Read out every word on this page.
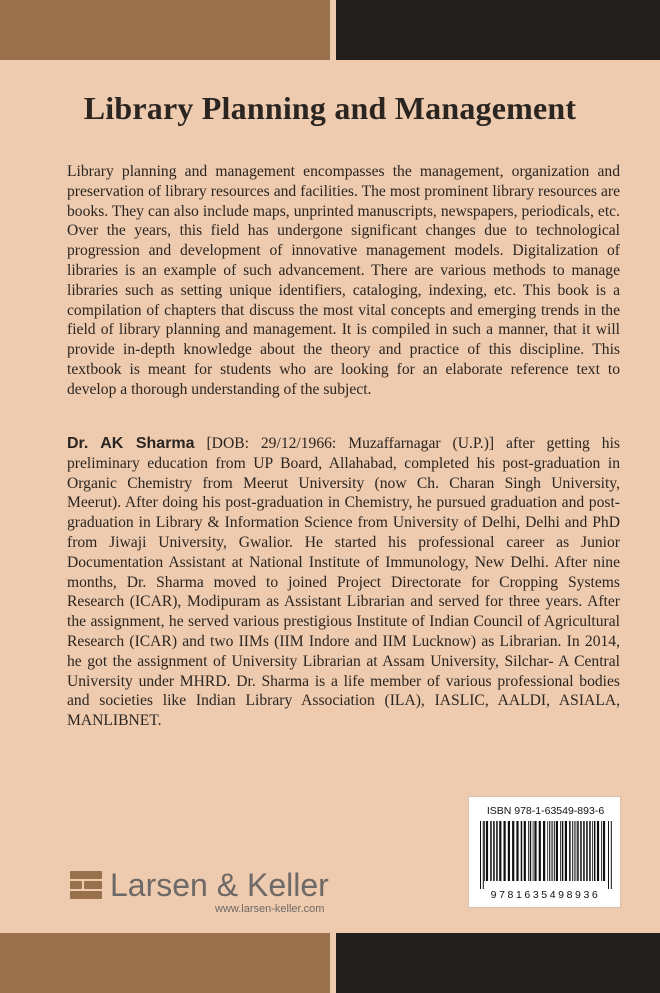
Library Planning and Management

Library planning and management encompasses the management, organization and preservation of library resources and facilities. The most prominent library resources are books. They can also include maps, unprinted manuscripts, newspapers, periodicals, etc. Over the years, this field has undergone significant changes due to technological progression and development of innovative management models. Digitalization of libraries is an example of such advancement. There are various methods to manage libraries such as setting unique identifiers, cataloging, indexing, etc. This book is a compilation of chapters that discuss the most vital concepts and emerging trends in the field of library planning and management. It is compiled in such a manner, that it will provide in-depth knowledge about the theory and practice of this discipline. This textbook is meant for students who are looking for an elaborate reference text to develop a thorough understanding of the subject.

Dr. AK Sharma [DOB: 29/12/1966: Muzaffarnagar (U.P.)] after getting his preliminary education from UP Board, Allahabad, completed his post-graduation in Organic Chemistry from Meerut University (now Ch. Charan Singh University, Meerut). After doing his post-graduation in Chemistry, he pursued graduation and post-graduation in Library & Information Science from University of Delhi, Delhi and PhD from Jiwaji University, Gwalior. He started his professional career as Junior Documentation Assistant at National Institute of Immunology, New Delhi. After nine months, Dr. Sharma moved to joined Project Directorate for Cropping Systems Research (ICAR), Modipuram as Assistant Librarian and served for three years. After the assignment, he served various prestigious Institute of Indian Council of Agricultural Research (ICAR) and two IIMs (IIM Indore and IIM Lucknow) as Librarian. In 2014, he got the assignment of University Librarian at Assam University, Silchar- A Central University under MHRD. Dr. Sharma is a life member of various professional bodies and societies like Indian Library Association (ILA), IASLIC, AALDI, ASIALA, MANLIBNET.

ISBN 978-1-63549-893-6
9781635498936
Larsen & Keller
www.larsen-keller.com
